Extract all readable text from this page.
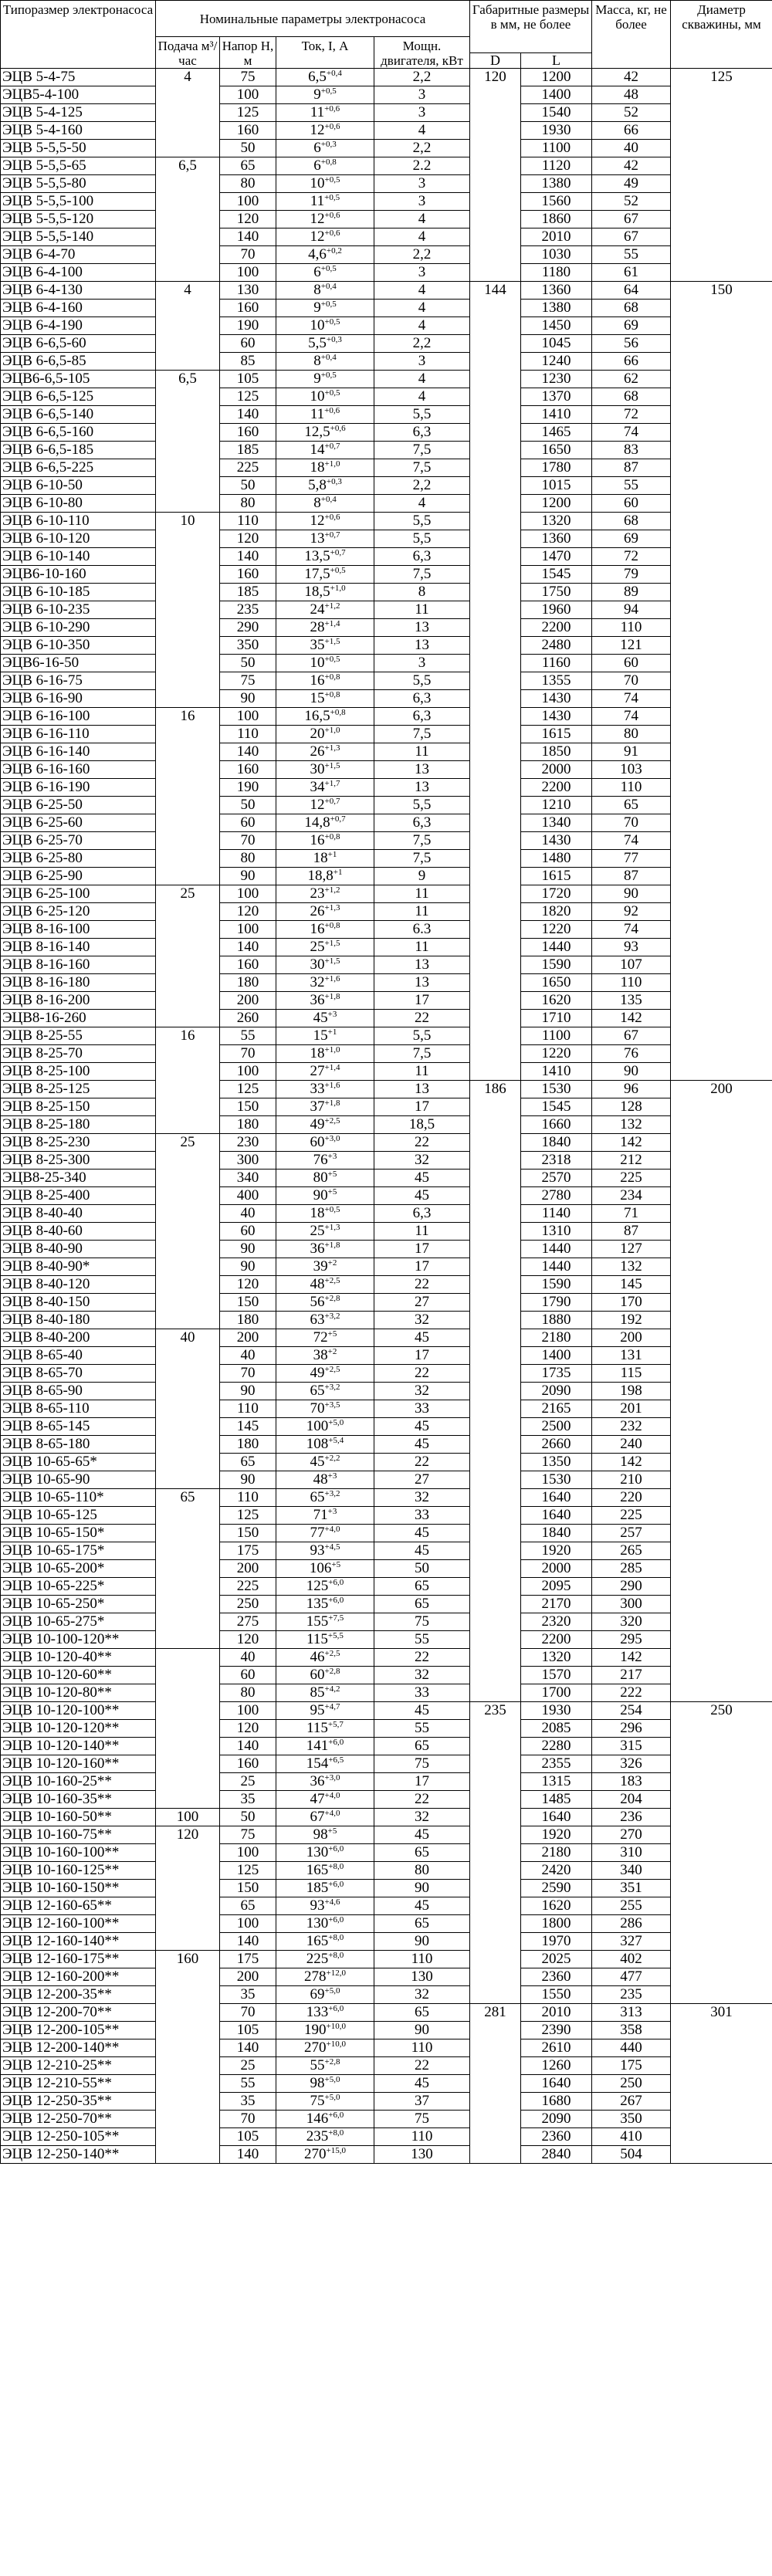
Типоразмер электронасоса	Номинальные параметры электронасоса				Габаритные размеры в мм, не более		Масса, кг, не более	Диаметр скважины, мм
	Подача м³/час	Напор Н, м	Ток, I, А	Мощн. двигателя, кВт				
					D	L		
ЭЦВ 5-4-75	4	75	$6,5^{+0,4}$	2,2	120	1200	42	125
ЭЦВ5-4-100		100	$9^{+0,5}$	3		1400	48	
ЭЦВ 5-4-125		125	$11^{+0,6}$	3		1540	52	
ЭЦВ 5-4-160		160	$12^{+0,6}$	4		1930	66	
ЭЦВ 5-5,5-50		50	$6^{+0,3}$	2,2		1100	40	
ЭЦВ 5-5,5-65	6,5	65	$6^{+0,8}$	2.2		1120	42	
ЭЦВ 5-5,5-80		80	$10^{+0,5}$	3		1380	49	
ЭЦВ 5-5,5-100		100	$11^{+0,5}$	3		1560	52	
ЭЦВ 5-5,5-120		120	$12^{+0,6}$	4		1860	67	
ЭЦВ 5-5,5-140		140	$12^{+0,6}$	4		2010	67	
ЭЦВ 6-4-70		70	$4,6^{+0,2}$	2,2		1030	55	
ЭЦВ 6-4-100		100	$6^{+0,5}$	3		1180	61	
ЭЦВ 6-4-130	4	130	$8^{+0,4}$	4	144	1360	64	150
ЭЦВ 6-4-160		160	$9^{+0,5}$	4		1380	68	
ЭЦВ 6-4-190		190	$10^{+0,5}$	4		1450	69	
ЭЦВ 6-6,5-60		60	$5,5^{+0,3}$	2,2		1045	56	
ЭЦВ 6-6,5-85		85	$8^{+0,4}$	3		1240	66	
ЭЦВ6-6,5-105	6,5	105	$9^{+0,5}$	4		1230	62	
ЭЦВ 6-6,5-125		125	$10^{+0,5}$	4		1370	68	
ЭЦВ 6-6,5-140		140	$11^{+0,6}$	5,5		1410	72	
ЭЦВ 6-6,5-160		160	$12,5^{+0,6}$	6,3		1465	74	
ЭЦВ 6-6,5-185		185	$14^{+0,7}$	7,5		1650	83	
ЭЦВ 6-6,5-225		225	$18^{+1,0}$	7,5		1780	87	
ЭЦВ 6-10-50		50	$5,8^{+0,3}$	2,2		1015	55	
ЭЦВ 6-10-80		80	$8^{+0,4}$	4		1200	60	
ЭЦВ 6-10-110	10	110	$12^{+0,6}$	5,5		1320	68	
ЭЦВ 6-10-120		120	$13^{+0,7}$	5,5		1360	69	
ЭЦВ 6-10-140		140	$13,5^{+0,7}$	6,3		1470	72	
ЭЦВ6-10-160		160	$17,5^{+0,5}$	7,5		1545	79	
ЭЦВ 6-10-185		185	$18,5^{+1,0}$	8		1750	89	
ЭЦВ 6-10-235		235	$24^{+1,2}$	11		1960	94	
ЭЦВ 6-10-290		290	$28^{+1,4}$	13		2200	110	
ЭЦВ 6-10-350		350	$35^{+1,5}$	13		2480	121	
ЭЦВ6-16-50		50	$10^{+0,5}$	3		1160	60	
ЭЦВ 6-16-75		75	$16^{+0,8}$	5,5		1355	70	
ЭЦВ 6-16-90		90	$15^{+0,8}$	6,3		1430	74	
ЭЦВ 6-16-100	16	100	$16,5^{+0,8}$	6,3		1430	74	
ЭЦВ 6-16-110		110	$20^{+1,0}$	7,5		1615	80	
ЭЦВ 6-16-140		140	$26^{+1,3}$	11		1850	91	
ЭЦВ 6-16-160		160	$30^{+1,5}$	13		2000	103	
ЭЦВ 6-16-190		190	$34^{+1,7}$	13		2200	110	
ЭЦВ 6-25-50		50	$12^{+0,7}$	5,5		1210	65	
ЭЦВ 6-25-60		60	$14,8^{+0,7}$	6,3		1340	70	
ЭЦВ 6-25-70		70	$16^{+0,8}$	7,5		1430	74	
ЭЦВ 6-25-80		80	$18^{+1}$	7,5		1480	77	
ЭЦВ 6-25-90		90	$18,8^{+1}$	9		1615	87	
ЭЦВ 6-25-100	25	100	$23^{+1,2}$	11		1720	90	
ЭЦВ 6-25-120		120	$26^{+1,3}$	11		1820	92	
ЭЦВ 8-16-100		100	$16^{+0,8}$	6.3		1220	74	
ЭЦВ 8-16-140		140	$25^{+1,5}$	11		1440	93	
ЭЦВ 8-16-160		160	$30^{+1,5}$	13		1590	107	
ЭЦВ 8-16-180		180	$32^{+1,6}$	13		1650	110	
ЭЦВ 8-16-200		200	$36^{+1,8}$	17		1620	135	
ЭЦВ8-16-260		260	$45^{+3}$	22		1710	142	
ЭЦВ 8-25-55	16	55	$15^{+1}$	5,5		1100	67	
ЭЦВ 8-25-70		70	$18^{+1,0}$	7,5		1220	76	
ЭЦВ 8-25-100		100	$27^{+1,4}$	11		1410	90	
ЭЦВ 8-25-125		125	$33^{+1,6}$	13	186	1530	96	200
ЭЦВ 8-25-150		150	$37^{+1,8}$	17		1545	128	
ЭЦВ 8-25-180		180	$49^{+2,5}$	18,5		1660	132	
ЭЦВ 8-25-230	25	230	$60^{+3,0}$	22		1840	142	
ЭЦВ 8-25-300		300	$76^{+3}$	32		2318	212	
ЭЦВ8-25-340		340	$80^{+5}$	45		2570	225	
ЭЦВ 8-25-400		400	$90^{+5}$	45		2780	234	
ЭЦВ 8-40-40		40	$18^{+0,5}$	6,3		1140	71	
ЭЦВ 8-40-60		60	$25^{+1,3}$	11		1310	87	
ЭЦВ 8-40-90		90	$36^{+1,8}$	17		1440	127	
ЭЦВ 8-40-90*		90	$39^{+2}$	17		1440	132	
ЭЦВ 8-40-120		120	$48^{+2,5}$	22		1590	145	
ЭЦВ 8-40-150		150	$56^{+2,8}$	27		1790	170	
ЭЦВ 8-40-180		180	$63^{+3,2}$	32		1880	192	
ЭЦВ 8-40-200	40	200	$72^{+5}$	45		2180	200	
ЭЦВ 8-65-40		40	$38^{+2}$	17		1400	131	
ЭЦВ 8-65-70		70	$49^{+2,5}$	22		1735	115	
ЭЦВ 8-65-90		90	$65^{+3,2}$	32		2090	198	
ЭЦВ 8-65-110		110	$70^{+3,5}$	33		2165	201	
ЭЦВ 8-65-145		145	$100^{+5,0}$	45		2500	232	
ЭЦВ 8-65-180		180	$108^{+5,4}$	45		2660	240	
ЭЦВ 10-65-65*		65	$45^{+2,2}$	22		1350	142	
ЭЦВ 10-65-90		90	$48^{+3}$	27		1530	210	
ЭЦВ 10-65-110*	65	110	$65^{+3,2}$	32		1640	220	
ЭЦВ 10-65-125		125	$71^{+3}$	33		1640	225	
ЭЦВ 10-65-150*		150	$77^{+4,0}$	45		1840	257	
ЭЦВ 10-65-175*		175	$93^{+4,5}$	45		1920	265	
ЭЦВ 10-65-200*		200	$106^{+5}$	50		2000	285	
ЭЦВ 10-65-225*		225	$125^{+6,0}$	65		2095	290	
ЭЦВ 10-65-250*		250	$135^{+6,0}$	65		2170	300	
ЭЦВ 10-65-275*		275	$155^{+7,5}$	75		2320	320	
ЭЦВ 10-100-120**		120	$115^{+5,5}$	55		2200	295	
ЭЦВ 10-120-40**		40	$46^{+2,5}$	22		1320	142	
ЭЦВ 10-120-60**		60	$60^{+2,8}$	32		1570	217	
ЭЦВ 10-120-80**		80	$85^{+4,2}$	33		1700	222	
ЭЦВ 10-120-100**		100	$95^{+4,7}$	45	235	1930	254	250
ЭЦВ 10-120-120**		120	$115^{+5,7}$	55		2085	296	
ЭЦВ 10-120-140**		140	$141^{+6,0}$	65		2280	315	
ЭЦВ 10-120-160**		160	$154^{+6,5}$	75		2355	326	
ЭЦВ 10-160-25**		25	$36^{+3,0}$	17		1315	183	
ЭЦВ 10-160-35**		35	$47^{+4,0}$	22		1485	204	
ЭЦВ 10-160-50**	100	50	$67^{+4,0}$	32		1640	236	
ЭЦВ 10-160-75**	120	75	$98^{+5}$	45		1920	270	
ЭЦВ 10-160-100**		100	$130^{+6,0}$	65		2180	310	
ЭЦВ 10-160-125**		125	$165^{+8,0}$	80		2420	340	
ЭЦВ 10-160-150**		150	$185^{+6,0}$	90		2590	351	
ЭЦВ 12-160-65**		65	$93^{+4,6}$	45		1620	255	
ЭЦВ 12-160-100**		100	$130^{+6,0}$	65		1800	286	
ЭЦВ 12-160-140**		140	$165^{+8,0}$	90		1970	327	
ЭЦВ 12-160-175**	160	175	$225^{+8,0}$	110		2025	402	
ЭЦВ 12-160-200**		200	$278^{+12,0}$	130		2360	477	
ЭЦВ 12-200-35**		35	$69^{+5,0}$	32		1550	235	
ЭЦВ 12-200-70**		70	$133^{+6,0}$	65	281	2010	313	301
ЭЦВ 12-200-105**		105	$190^{+10,0}$	90		2390	358	
ЭЦВ 12-200-140**		140	$270^{+10,0}$	110		2610	440	
ЭЦВ 12-210-25**		25	$55^{+2,8}$	22		1260	175	
ЭЦВ 12-210-55**		55	$98^{+5,0}$	45		1640	250	
ЭЦВ 12-250-35**		35	$75^{+5,0}$	37		1680	267	
ЭЦВ 12-250-70**		70	$146^{+6,0}$	75		2090	350	
ЭЦВ 12-250-105**		105	$235^{+8,0}$	110		2360	410	
ЭЦВ 12-250-140**		140	$270^{+15,0}$	130		2840	504	
